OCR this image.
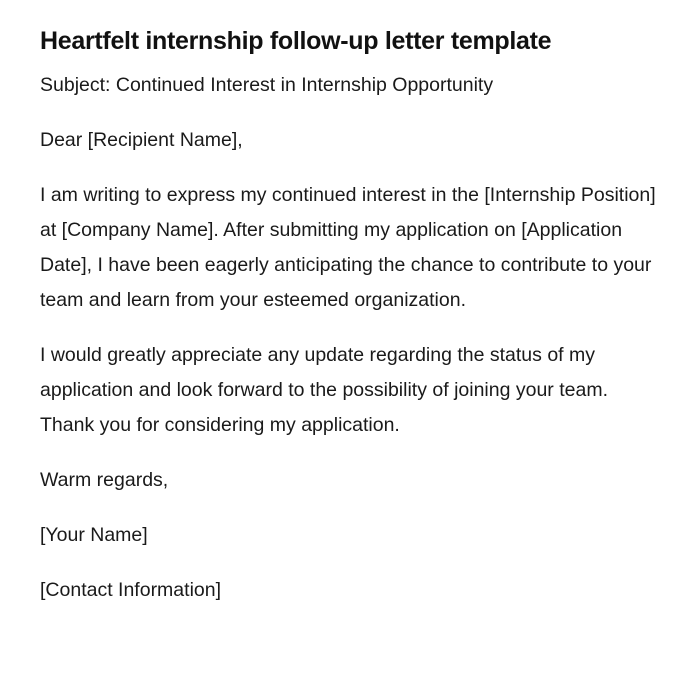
Heartfelt internship follow-up letter template

Subject: Continued Interest in Internship Opportunity

Dear [Recipient Name],

I am writing to express my continued interest in the [Internship Position] at [Company Name]. After submitting my application on [Application Date], I have been eagerly anticipating the chance to contribute to your team and learn from your esteemed organization.

I would greatly appreciate any update regarding the status of my application and look forward to the possibility of joining your team. Thank you for considering my application.

Warm regards,

[Your Name]

[Contact Information]
